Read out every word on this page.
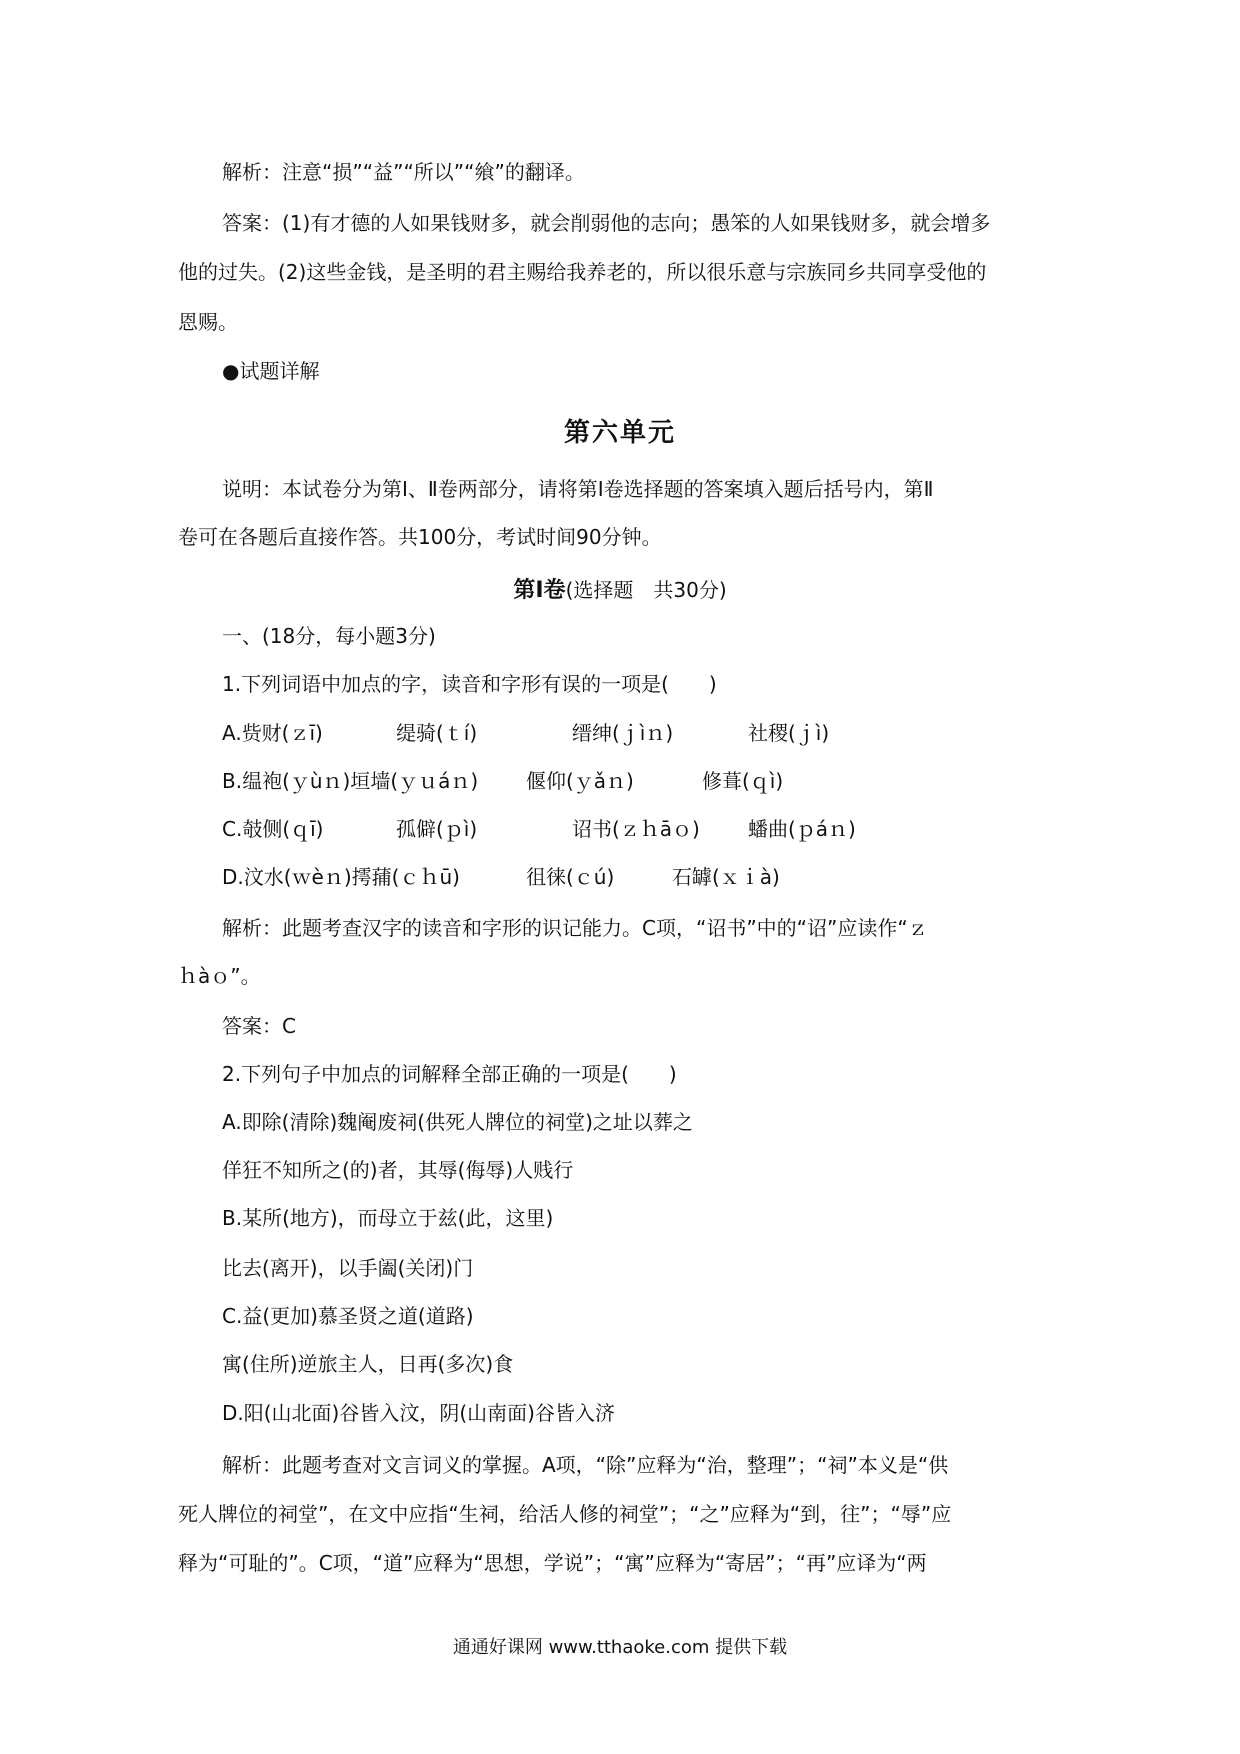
解析：注意“损”“益”“所以”“飨”的翻译。
答案：(1)有才德的人如果钱财多，就会削弱他的志向；愚笨的人如果钱财多，就会增多
他的过失。(2)这些金钱，是圣明的君主赐给我养老的，所以很乐意与宗族同乡共同享受他的
恩赐。
●试题详解
第六单元
说明：本试卷分为第Ⅰ、Ⅱ卷两部分，请将第Ⅰ卷选择题的答案填入题后括号内，第Ⅱ
卷可在各题后直接作答。共100分，考试时间90分钟。
第Ⅰ卷(选择题　共30分)
一、(18分，每小题3分)
1.下列词语中加点的字，读音和字形有误的一项是(　　)
A.赀财(ｚī)	缇骑(ｔí)	缙绅(ｊìｎ)	社稷(ｊì)
B.缊袍(ｙùｎ)垣墙(ｙｕáｎ) 偃仰(ｙǎｎ)	修葺(ｑì)
C.攲侧(ｑī)	孤僻(ｐì)	诏书(ｚｈāｏ) 蟠曲(ｐáｎ)
D.汶水(ｗèｎ)摴蒱(ｃｈū)	徂徕(ｃú)	石罅(ｘｉà)
解析：此题考查汉字的读音和字形的识记能力。C项，“诏书”中的“诏”应读作“ｚ
ｈàｏ”。
答案：C
2.下列句子中加点的词解释全部正确的一项是(　　)
A.即除(清除)魏阉废祠(供死人牌位的祠堂)之址以葬之
佯狂不知所之(的)者，其辱(侮辱)人贱行
B.某所(地方)，而母立于兹(此，这里)
比去(离开)，以手阖(关闭)门
C.益(更加)慕圣贤之道(道路)
寓(住所)逆旅主人，日再(多次)食
D.阳(山北面)谷皆入汶，阴(山南面)谷皆入济
解析：此题考查对文言词义的掌握。A项，“除”应释为“治，整理”；“祠”本义是“供
死人牌位的祠堂”，在文中应指“生祠，给活人修的祠堂”；“之”应释为“到，往”；“辱”应
释为“可耻的”。C项，“道”应释为“思想，学说”；“寓”应释为“寄居”；“再”应译为“两
通通好课网 www.tthaoke.com 提供下载
